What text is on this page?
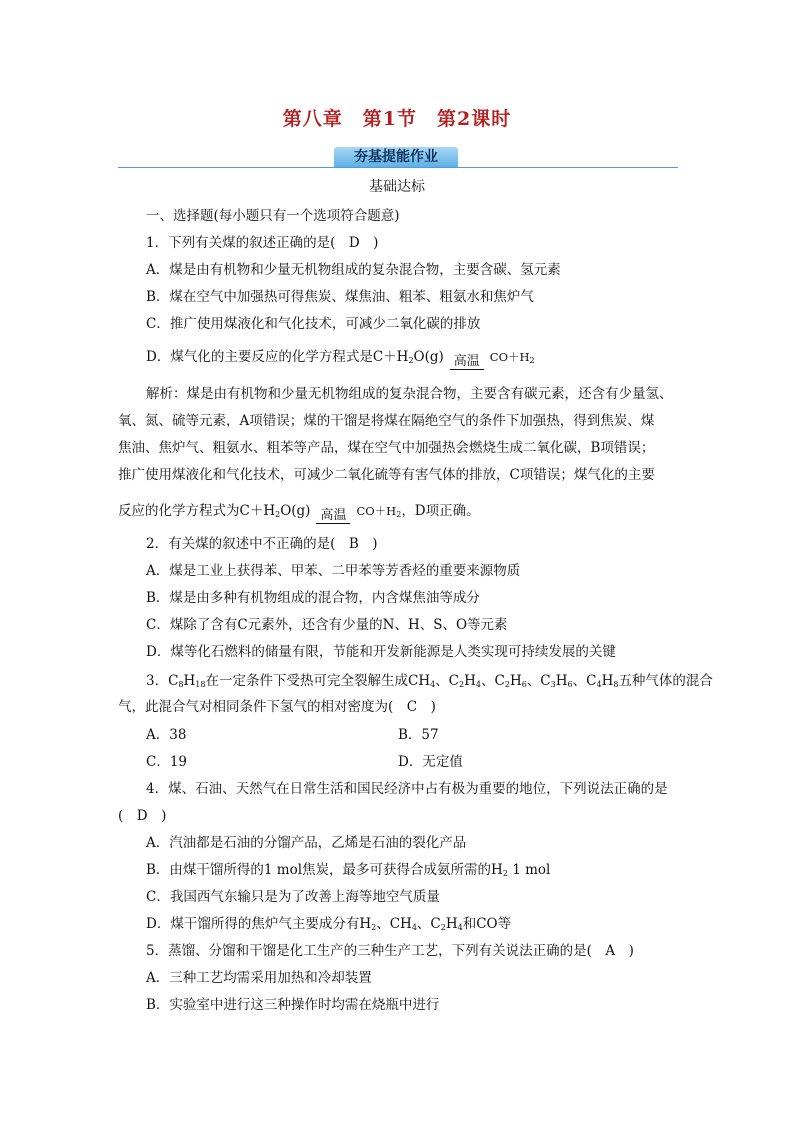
第八章 第1节 第2课时
夯基提能作业
基础达标
一、选择题(每小题只有一个选项符合题意)
1．下列有关煤的叙述正确的是(　D　)
A．煤是由有机物和少量无机物组成的复杂混合物，主要含碳、氢元素
B．煤在空气中加强热可得焦炭、煤焦油、粗苯、粗氨水和焦炉气
C．推广使用煤液化和气化技术，可减少二氧化碳的排放
D．煤气化的主要反应的化学方程式是$C+H_2O(g)$ 高温 $CO+H_2$
解析：煤是由有机物和少量无机物组成的复杂混合物，主要含有碳元素，还含有少量氢、
氧、氮、硫等元素，A项错误；煤的干馏是将煤在隔绝空气的条件下加强热，得到焦炭、煤
焦油、焦炉气、粗氨水、粗苯等产品，煤在空气中加强热会燃烧生成二氧化碳，B项错误；
推广使用煤液化和气化技术，可减少二氧化硫等有害气体的排放，C项错误；煤气化的主要
反应的化学方程式为$C+H_2O(g)$ 高温 $CO+H_2$，D项正确。
2．有关煤的叙述中不正确的是(　B　)
A．煤是工业上获得苯、甲苯、二甲苯等芳香烃的重要来源物质
B．煤是由多种有机物组成的混合物，内含煤焦油等成分
C．煤除了含有C元素外，还含有少量的N、H、S、O等元素
D．煤等化石燃料的储量有限，节能和开发新能源是人类实现可持续发展的关键
3．$C_8H_{18}$在一定条件下受热可完全裂解生成$CH_4$、$C_2H_4$、$C_2H_6$、$C_3H_6$、$C_4H_8$五种气体的混合
气，此混合气对相同条件下氢气的相对密度为(　C　)
A．38	B．57
C．19	D．无定值
4．煤、石油、天然气在日常生活和国民经济中占有极为重要的地位，下列说法正确的是
(　D　)
A．汽油都是石油的分馏产品，乙烯是石油的裂化产品
B．由煤干馏所得的1 mol焦炭，最多可获得合成氨所需的$H_2$ 1 mol
C．我国西气东输只是为了改善上海等地空气质量
D．煤干馏所得的焦炉气主要成分有$H_2$、$CH_4$、$C_2H_4$和CO等
5．蒸馏、分馏和干馏是化工生产的三种生产工艺，下列有关说法正确的是(　A　)
A．三种工艺均需采用加热和冷却装置
B．实验室中进行这三种操作时均需在烧瓶中进行
